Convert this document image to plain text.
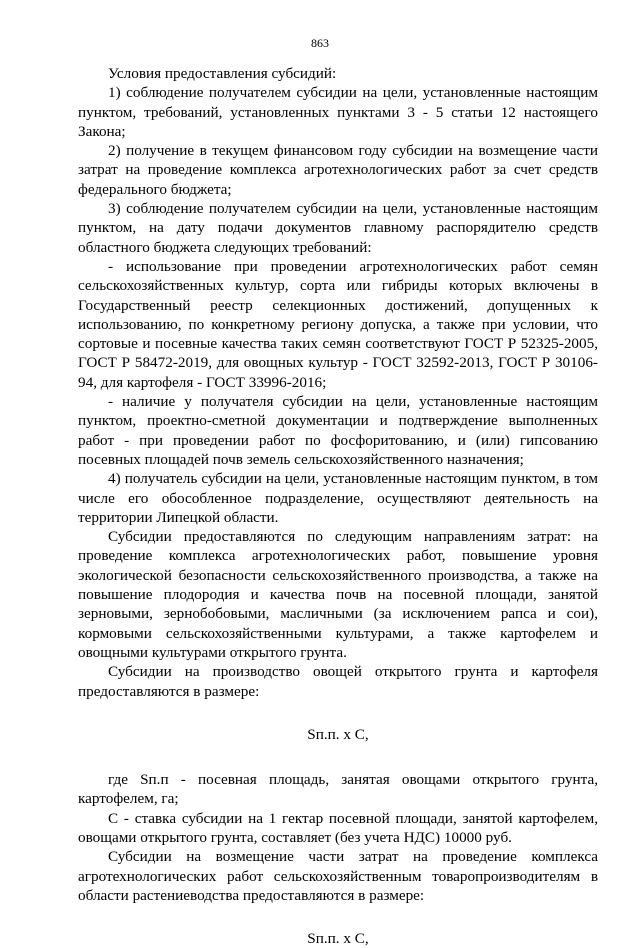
863

Условия предоставления субсидий:

1) соблюдение получателем субсидии на цели, установленные настоящим пунктом, требований, установленных пунктами 3 - 5 статьи 12 настоящего Закона;

2) получение в текущем финансовом году субсидии на возмещение части затрат на проведение комплекса агротехнологических работ за счет средств федерального бюджета;

3) соблюдение получателем субсидии на цели, установленные настоящим пунктом, на дату подачи документов главному распорядителю средств областного бюджета следующих требований:

- использование при проведении агротехнологических работ семян сельскохозяйственных культур, сорта или гибриды которых включены в Государственный реестр селекционных достижений, допущенных к использованию, по конкретному региону допуска, а также при условии, что сортовые и посевные качества таких семян соответствуют ГОСТ Р 52325-2005, ГОСТ Р 58472-2019, для овощных культур - ГОСТ 32592-2013, ГОСТ Р 30106-94, для картофеля - ГОСТ 33996-2016;

- наличие у получателя субсидии на цели, установленные настоящим пунктом, проектно-сметной документации и подтверждение выполненных работ - при проведении работ по фосфоритованию, и (или) гипсованию посевных площадей почв земель сельскохозяйственного назначения;

4) получатель субсидии на цели, установленные настоящим пунктом, в том числе его обособленное подразделение, осуществляют деятельность на территории Липецкой области.

Субсидии предоставляются по следующим направлениям затрат: на проведение комплекса агротехнологических работ, повышение уровня экологической безопасности сельскохозяйственного производства, а также на повышение плодородия и качества почв на посевной площади, занятой зерновыми, зернобобовыми, масличными (за исключением рапса и сои), кормовыми сельскохозяйственными культурами, а также картофелем и овощными культурами открытого грунта.

Субсидии на производство овощей открытого грунта и картофеля предоставляются в размере:

Sп.п. х С,

где Sп.п - посевная площадь, занятая овощами открытого грунта, картофелем, га;

С - ставка субсидии на 1 гектар посевной площади, занятой картофелем, овощами открытого грунта, составляет (без учета НДС) 10000 руб.

Субсидии на возмещение части затрат на проведение комплекса агротехнологических работ сельскохозяйственным товаропроизводителям в области растениеводства предоставляются в размере:

Sп.п. х С,
